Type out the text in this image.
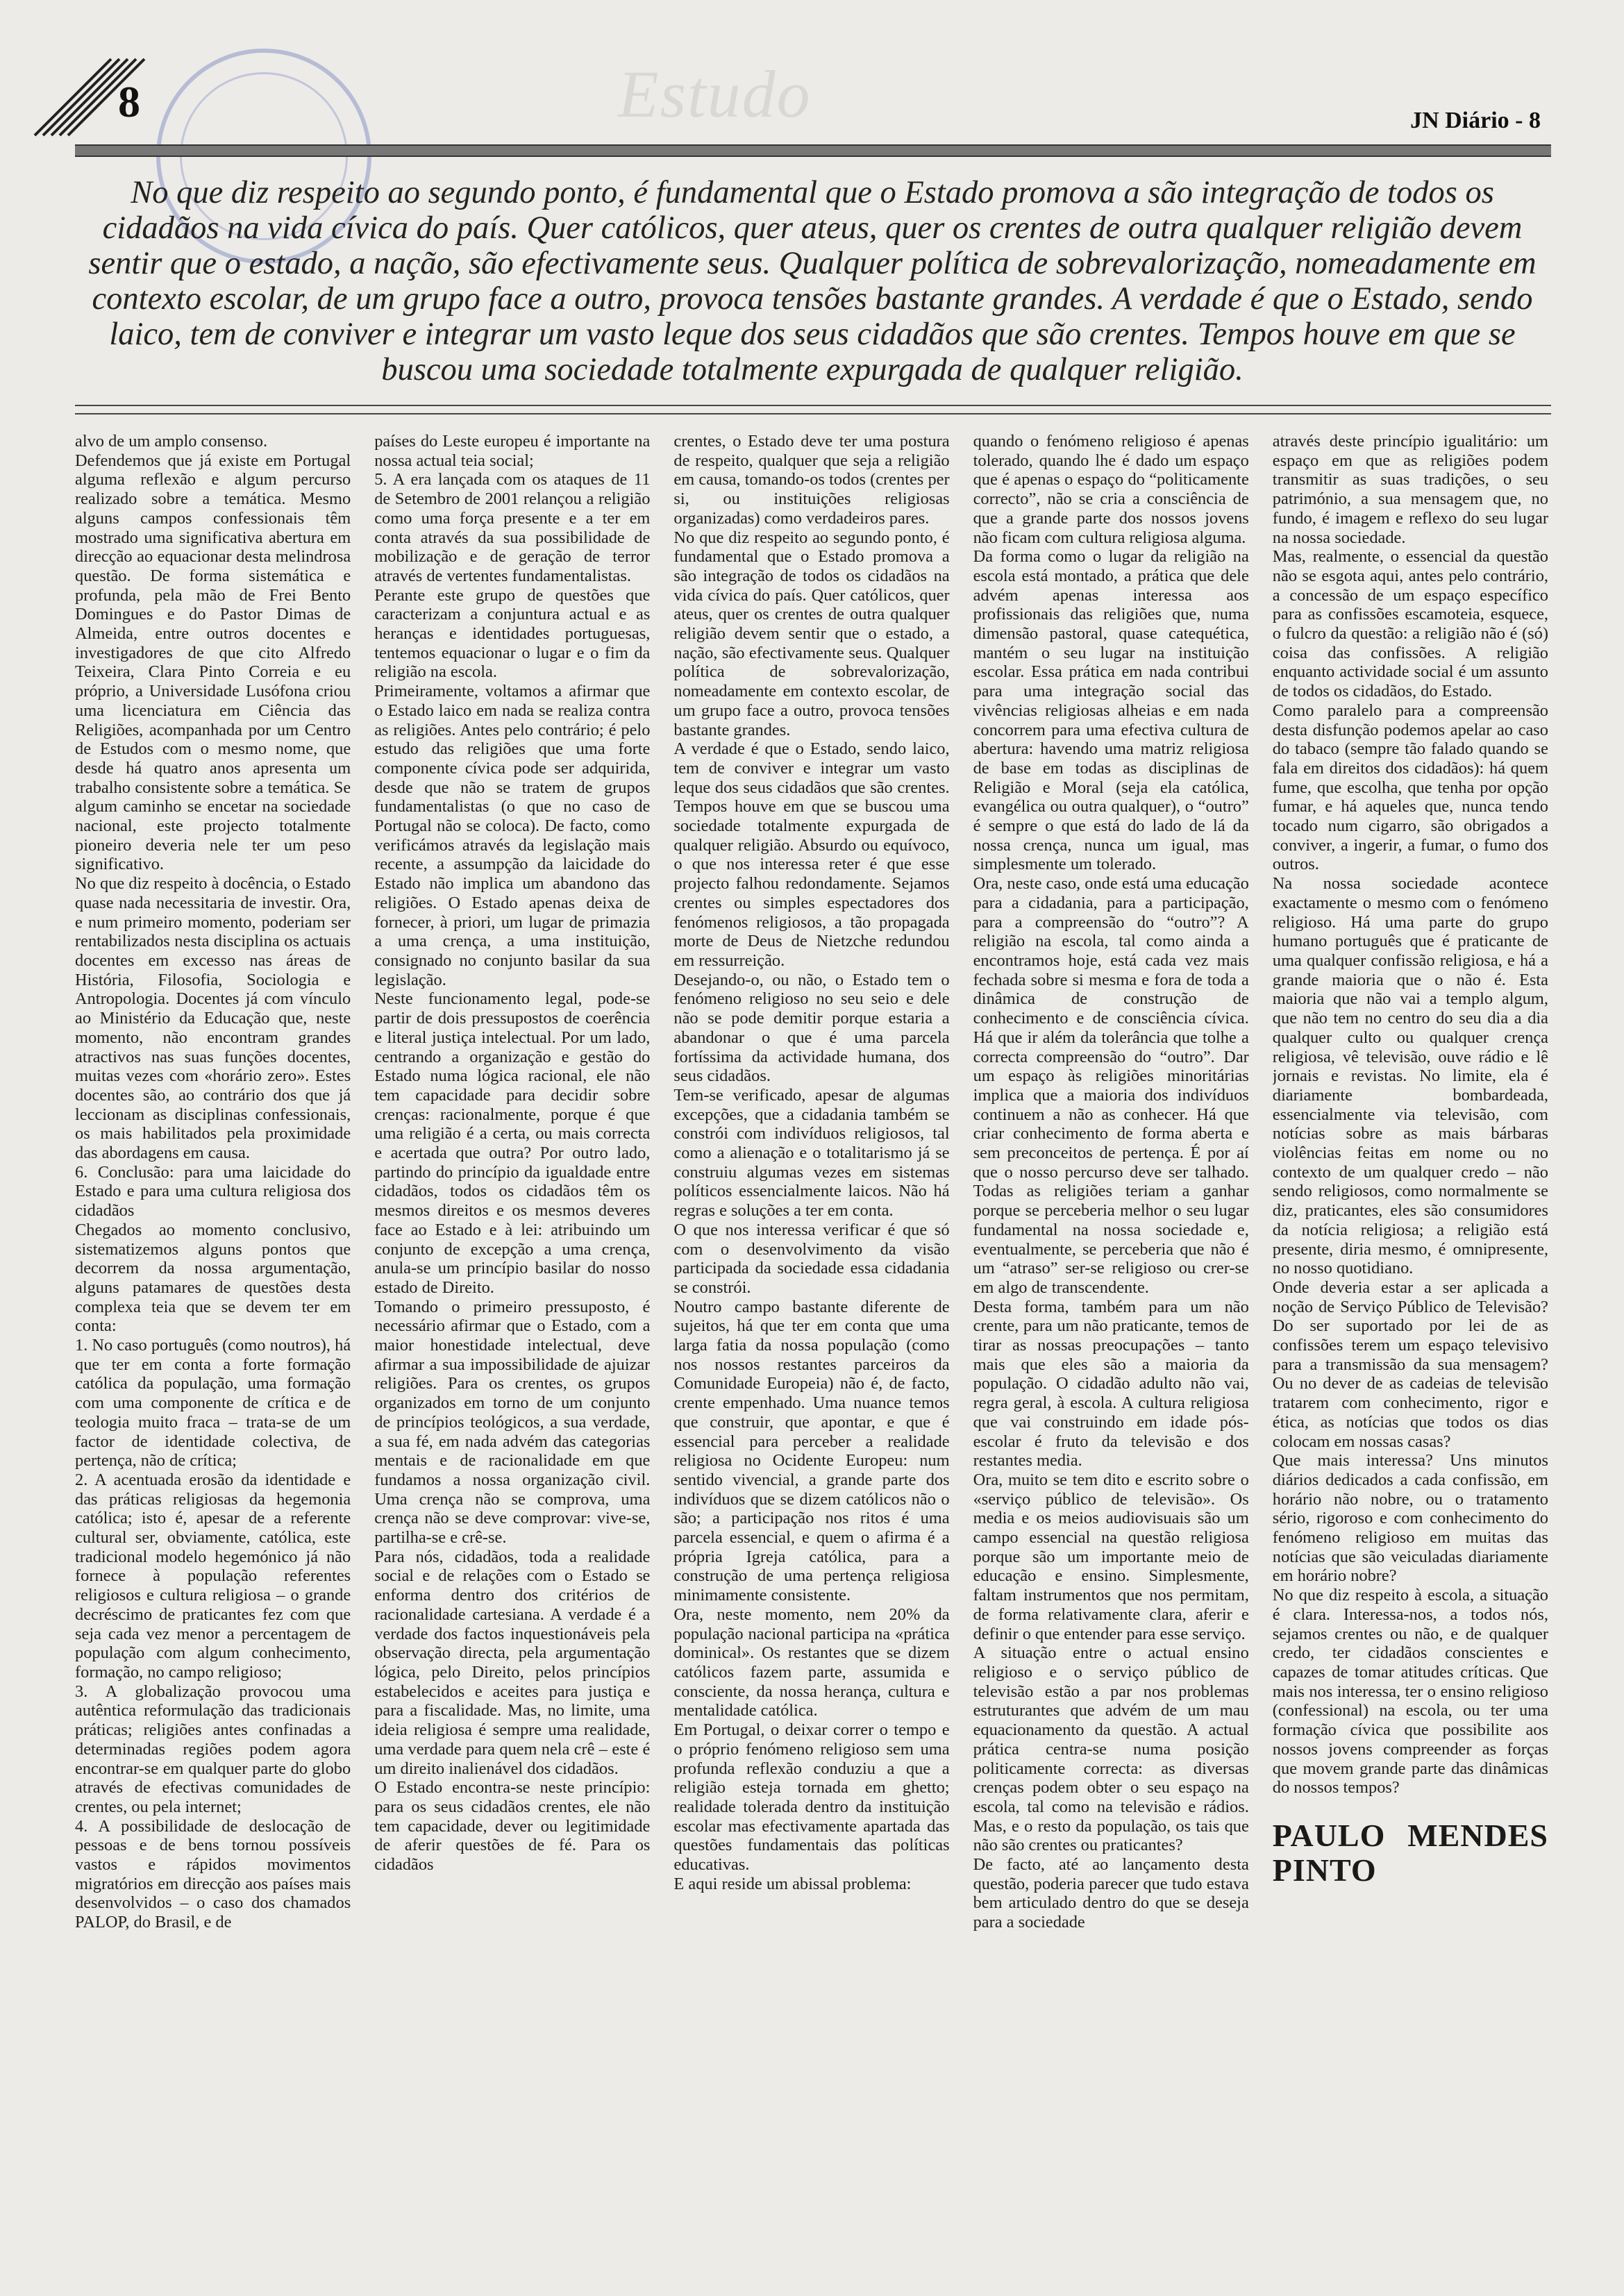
8	Estudo	JN Diário - 8

No que diz respeito ao segundo ponto, é fundamental que o Estado promova a são integração de todos os cidadãos na vida cívica do país. Quer católicos, quer ateus, quer os crentes de outra qualquer religião devem sentir que o estado, a nação, são efectivamente seus. Qualquer política de sobrevalorização, nomeadamente em contexto escolar, de um grupo face a outro, provoca tensões bastante grandes. A verdade é que o Estado, sendo laico, tem de conviver e integrar um vasto leque dos seus cidadãos que são crentes. Tempos houve em que se buscou uma sociedade totalmente expurgada de qualquer religião.

alvo de um amplo consenso.

Defendemos que já existe em Portugal alguma reflexão e algum percurso realizado sobre a temática. Mesmo alguns campos confessionais têm mostrado uma significativa abertura em direcção ao equacionar desta melindrosa questão. De forma sistemática e profunda, pela mão de Frei Bento Domingues e do Pastor Dimas de Almeida, entre outros docentes e investigadores de que cito Alfredo Teixeira, Clara Pinto Correia e eu próprio, a Universidade Lusófona criou uma licenciatura em Ciência das Religiões, acompanhada por um Centro de Estudos com o mesmo nome, que desde há quatro anos apresenta um trabalho consistente sobre a temática. Se algum caminho se encetar na sociedade nacional, este projecto totalmente pioneiro deveria nele ter um peso significativo.

No que diz respeito à docência, o Estado quase nada necessitaria de investir. Ora, e num primeiro momento, poderiam ser rentabilizados nesta disciplina os actuais docentes em excesso nas áreas de História, Filosofia, Sociologia e Antropologia. Docentes já com vínculo ao Ministério da Educação que, neste momento, não encontram grandes atractivos nas suas funções docentes, muitas vezes com «horário zero». Estes docentes são, ao contrário dos que já leccionam as disciplinas confessionais, os mais habilitados pela proximidade das abordagens em causa.

6. Conclusão: para uma laicidade do Estado e para uma cultura religiosa dos cidadãos

Chegados ao momento conclusivo, sistematizemos alguns pontos que decorrem da nossa argumentação, alguns patamares de questões desta complexa teia que se devem ter em conta:

1. No caso português (como noutros), há que ter em conta a forte formação católica da população, uma formação com uma componente de crítica e de teologia muito fraca – trata-se de um factor de identidade colectiva, de pertença, não de crítica;

2. A acentuada erosão da identidade e das práticas religiosas da hegemonia católica; isto é, apesar de a referente cultural ser, obviamente, católica, este tradicional modelo hegemónico já não fornece à população referentes religiosos e cultura religiosa – o grande decréscimo de praticantes fez com que seja cada vez menor a percentagem de população com algum conhecimento, formação, no campo religioso;

3. A globalização provocou uma autêntica reformulação das tradicionais práticas; religiões antes confinadas a determinadas regiões podem agora encontrar-se em qualquer parte do globo através de efectivas comunidades de crentes, ou pela internet;

4. A possibilidade de deslocação de pessoas e de bens tornou possíveis vastos e rápidos movimentos migratórios em direcção aos países mais desenvolvidos – o caso dos chamados PALOP, do Brasil, e de

países do Leste europeu é importante na nossa actual teia social;

5. A era lançada com os ataques de 11 de Setembro de 2001 relançou a religião como uma força presente e a ter em conta através da sua possibilidade de mobilização e de geração de terror através de vertentes fundamentalistas.

Perante este grupo de questões que caracterizam a conjuntura actual e as heranças e identidades portuguesas, tentemos equacionar o lugar e o fim da religião na escola.

Primeiramente, voltamos a afirmar que o Estado laico em nada se realiza contra as religiões. Antes pelo contrário; é pelo estudo das religiões que uma forte componente cívica pode ser adquirida, desde que não se tratem de grupos fundamentalistas (o que no caso de Portugal não se coloca). De facto, como verificámos através da legislação mais recente, a assumpção da laicidade do Estado não implica um abandono das religiões. O Estado apenas deixa de fornecer, à priori, um lugar de primazia a uma crença, a uma instituição, consignado no conjunto basilar da sua legislação.

Neste funcionamento legal, pode-se partir de dois pressupostos de coerência e literal justiça intelectual. Por um lado, centrando a organização e gestão do Estado numa lógica racional, ele não tem capacidade para decidir sobre crenças: racionalmente, porque é que uma religião é a certa, ou mais correcta e acertada que outra? Por outro lado, partindo do princípio da igualdade entre cidadãos, todos os cidadãos têm os mesmos direitos e os mesmos deveres face ao Estado e à lei: atribuindo um conjunto de excepção a uma crença, anula-se um princípio basilar do nosso estado de Direito.

Tomando o primeiro pressuposto, é necessário afirmar que o Estado, com a maior honestidade intelectual, deve afirmar a sua impossibilidade de ajuizar religiões. Para os crentes, os grupos organizados em torno de um conjunto de princípios teológicos, a sua verdade, a sua fé, em nada advém das categorias mentais e de racionalidade em que fundamos a nossa organização civil. Uma crença não se comprova, uma crença não se deve comprovar: vive-se, partilha-se e crê-se.

Para nós, cidadãos, toda a realidade social e de relações com o Estado se enforma dentro dos critérios de racionalidade cartesiana. A verdade é a verdade dos factos inquestionáveis pela observação directa, pela argumentação lógica, pelo Direito, pelos princípios estabelecidos e aceites para justiça e para a fiscalidade. Mas, no limite, uma ideia religiosa é sempre uma realidade, uma verdade para quem nela crê – este é um direito inalienável dos cidadãos.

O Estado encontra-se neste princípio: para os seus cidadãos crentes, ele não tem capacidade, dever ou legitimidade de aferir questões de fé. Para os cidadãos

crentes, o Estado deve ter uma postura de respeito, qualquer que seja a religião em causa, tomando-os todos (crentes per si, ou instituições religiosas organizadas) como verdadeiros pares.

No que diz respeito ao segundo ponto, é fundamental que o Estado promova a são integração de todos os cidadãos na vida cívica do país. Quer católicos, quer ateus, quer os crentes de outra qualquer religião devem sentir que o estado, a nação, são efectivamente seus. Qualquer política de sobrevalorização, nomeadamente em contexto escolar, de um grupo face a outro, provoca tensões bastante grandes.

A verdade é que o Estado, sendo laico, tem de conviver e integrar um vasto leque dos seus cidadãos que são crentes. Tempos houve em que se buscou uma sociedade totalmente expurgada de qualquer religião. Absurdo ou equívoco, o que nos interessa reter é que esse projecto falhou redondamente. Sejamos crentes ou simples espectadores dos fenómenos religiosos, a tão propagada morte de Deus de Nietzche redundou em ressurreição.

Desejando-o, ou não, o Estado tem o fenómeno religioso no seu seio e dele não se pode demitir porque estaria a abandonar o que é uma parcela fortíssima da actividade humana, dos seus cidadãos.

Tem-se verificado, apesar de algumas excepções, que a cidadania também se constrói com indivíduos religiosos, tal como a alienação e o totalitarismo já se construiu algumas vezes em sistemas políticos essencialmente laicos. Não há regras e soluções a ter em conta.

O que nos interessa verificar é que só com o desenvolvimento da visão participada da sociedade essa cidadania se constrói.

Noutro campo bastante diferente de sujeitos, há que ter em conta que uma larga fatia da nossa população (como nos nossos restantes parceiros da Comunidade Europeia) não é, de facto, crente empenhado. Uma nuance temos que construir, que apontar, e que é essencial para perceber a realidade religiosa no Ocidente Europeu: num sentido vivencial, a grande parte dos indivíduos que se dizem católicos não o são; a participação nos ritos é uma parcela essencial, e quem o afirma é a própria Igreja católica, para a construção de uma pertença religiosa minimamente consistente.

Ora, neste momento, nem 20% da população nacional participa na «prática dominical». Os restantes que se dizem católicos fazem parte, assumida e consciente, da nossa herança, cultura e mentalidade católica.

Em Portugal, o deixar correr o tempo e o próprio fenómeno religioso sem uma profunda reflexão conduziu a que a religião esteja tornada em ghetto; realidade tolerada dentro da instituição escolar mas efectivamente apartada das questões fundamentais das políticas educativas.

E aqui reside um abissal problema:

quando o fenómeno religioso é apenas tolerado, quando lhe é dado um espaço que é apenas o espaço do “politicamente correcto”, não se cria a consciência de que a grande parte dos nossos jovens não ficam com cultura religiosa alguma.

Da forma como o lugar da religião na escola está montado, a prática que dele advém apenas interessa aos profissionais das religiões que, numa dimensão pastoral, quase catequética, mantém o seu lugar na instituição escolar. Essa prática em nada contribui para uma integração social das vivências religiosas alheias e em nada concorrem para uma efectiva cultura de abertura: havendo uma matriz religiosa de base em todas as disciplinas de Religião e Moral (seja ela católica, evangélica ou outra qualquer), o “outro” é sempre o que está do lado de lá da nossa crença, nunca um igual, mas simplesmente um tolerado.

Ora, neste caso, onde está uma educação para a cidadania, para a participação, para a compreensão do “outro”? A religião na escola, tal como ainda a encontramos hoje, está cada vez mais fechada sobre si mesma e fora de toda a dinâmica de construção de conhecimento e de consciência cívica. Há que ir além da tolerância que tolhe a correcta compreensão do “outro”. Dar um espaço às religiões minoritárias implica que a maioria dos indivíduos continuem a não as conhecer. Há que criar conhecimento de forma aberta e sem preconceitos de pertença. É por aí que o nosso percurso deve ser talhado. Todas as religiões teriam a ganhar porque se perceberia melhor o seu lugar fundamental na nossa sociedade e, eventualmente, se perceberia que não é um “atraso” ser-se religioso ou crer-se em algo de transcendente.

Desta forma, também para um não crente, para um não praticante, temos de tirar as nossas preocupações – tanto mais que eles são a maioria da população. O cidadão adulto não vai, regra geral, à escola. A cultura religiosa que vai construindo em idade pós-escolar é fruto da televisão e dos restantes media.

Ora, muito se tem dito e escrito sobre o «serviço público de televisão». Os media e os meios audiovisuais são um campo essencial na questão religiosa porque são um importante meio de educação e ensino. Simplesmente, faltam instrumentos que nos permitam, de forma relativamente clara, aferir e definir o que entender para esse serviço.

A situação entre o actual ensino religioso e o serviço público de televisão estão a par nos problemas estruturantes que advém de um mau equacionamento da questão. A actual prática centra-se numa posição politicamente correcta: as diversas crenças podem obter o seu espaço na escola, tal como na televisão e rádios. Mas, e o resto da população, os tais que não são crentes ou praticantes?

De facto, até ao lançamento desta questão, poderia parecer que tudo estava bem articulado dentro do que se deseja para a sociedade

através deste princípio igualitário: um espaço em que as religiões podem transmitir as suas tradições, o seu património, a sua mensagem que, no fundo, é imagem e reflexo do seu lugar na nossa sociedade.

Mas, realmente, o essencial da questão não se esgota aqui, antes pelo contrário, a concessão de um espaço específico para as confissões escamoteia, esquece, o fulcro da questão: a religião não é (só) coisa das confissões. A religião enquanto actividade social é um assunto de todos os cidadãos, do Estado.

Como paralelo para a compreensão desta disfunção podemos apelar ao caso do tabaco (sempre tão falado quando se fala em direitos dos cidadãos): há quem fume, que escolha, que tenha por opção fumar, e há aqueles que, nunca tendo tocado num cigarro, são obrigados a conviver, a ingerir, a fumar, o fumo dos outros.

Na nossa sociedade acontece exactamente o mesmo com o fenómeno religioso. Há uma parte do grupo humano português que é praticante de uma qualquer confissão religiosa, e há a grande maioria que o não é. Esta maioria que não vai a templo algum, que não tem no centro do seu dia a dia qualquer culto ou qualquer crença religiosa, vê televisão, ouve rádio e lê jornais e revistas. No limite, ela é diariamente bombardeada, essencialmente via televisão, com notícias sobre as mais bárbaras violências feitas em nome ou no contexto de um qualquer credo – não sendo religiosos, como normalmente se diz, praticantes, eles são consumidores da notícia religiosa; a religião está presente, diria mesmo, é omnipresente, no nosso quotidiano.

Onde deveria estar a ser aplicada a noção de Serviço Público de Televisão? Do ser suportado por lei de as confissões terem um espaço televisivo para a transmissão da sua mensagem? Ou no dever de as cadeias de televisão tratarem com conhecimento, rigor e ética, as notícias que todos os dias colocam em nossas casas?

Que mais interessa? Uns minutos diários dedicados a cada confissão, em horário não nobre, ou o tratamento sério, rigoroso e com conhecimento do fenómeno religioso em muitas das notícias que são veiculadas diariamente em horário nobre?

No que diz respeito à escola, a situação é clara. Interessa-nos, a todos nós, sejamos crentes ou não, e de qualquer credo, ter cidadãos conscientes e capazes de tomar atitudes críticas. Que mais nos interessa, ter o ensino religioso (confessional) na escola, ou ter uma formação cívica que possibilite aos nossos jovens compreender as forças que movem grande parte das dinâmicas do nossos tempos?

PAULO MENDES PINTO
